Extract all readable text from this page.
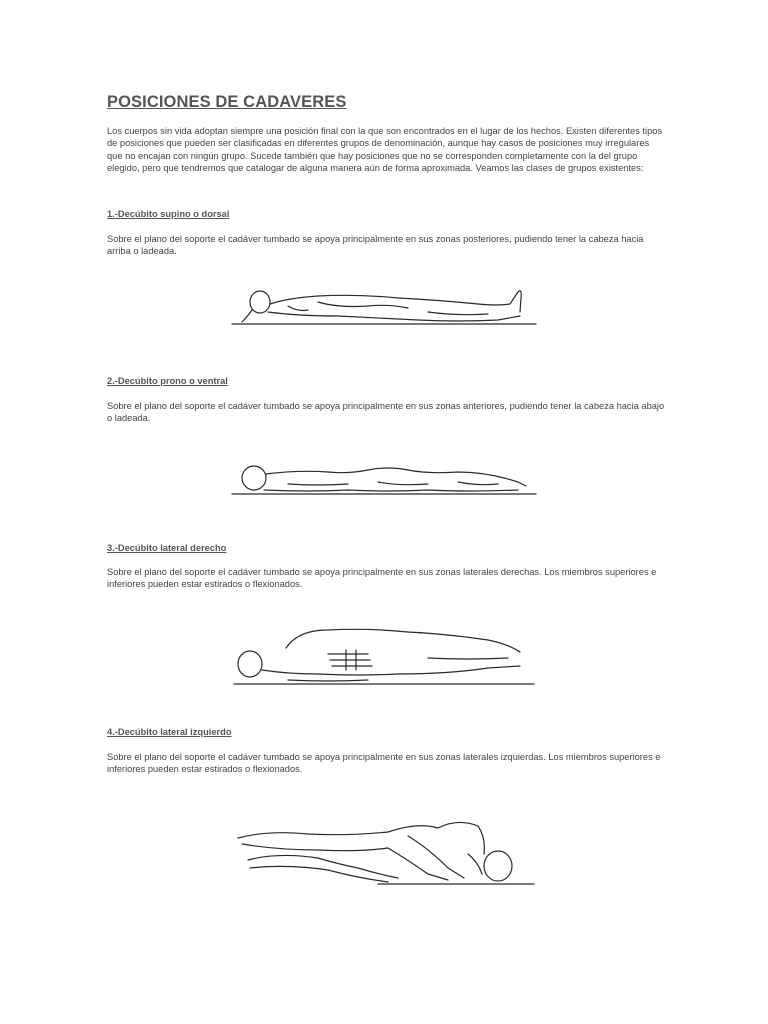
POSICIONES DE CADAVERES

Los cuerpos sin vida adoptan siempre una posición final con la que son encontrados en el lugar de los hechos. Existen diferentes tipos de posiciones que pueden ser clasificadas en diferentes grupos de denominación, aunque hay casos de posiciones muy irregulares que no encajan con ningún grupo. Sucede también que hay posiciones que no se corresponden completamente con la del grupo elegido, pero que tendremos que catalogar de alguna manera aún de forma aproximada. Veamos las clases de grupos existentes:

1.-Decúbito supino o dorsal

Sobre el plano del soporte el cadáver tumbado se apoya principalmente en sus zonas posteriores, pudiendo tener la cabeza hacia arriba o ladeada.

2.-Decúbito prono o ventral

Sobre el plano del soporte el cadáver tumbado se apoya principalmente en sus zonas anteriores, pudiendo tener la cabeza hacia abajo o ladeada.

3.-Decúbito lateral derecho

Sobre el plano del soporte el cadáver tumbado se apoya principalmente en sus zonas laterales derechas. Los miembros superiores e inferiores pueden estar estirados o flexionados.

4.-Decúbito lateral izquierdo

Sobre el plano del soporte el cadáver tumbado se apoya principalmente en sus zonas laterales izquierdas. Los miembros superiores e inferiores pueden estar estirados o flexionados.
